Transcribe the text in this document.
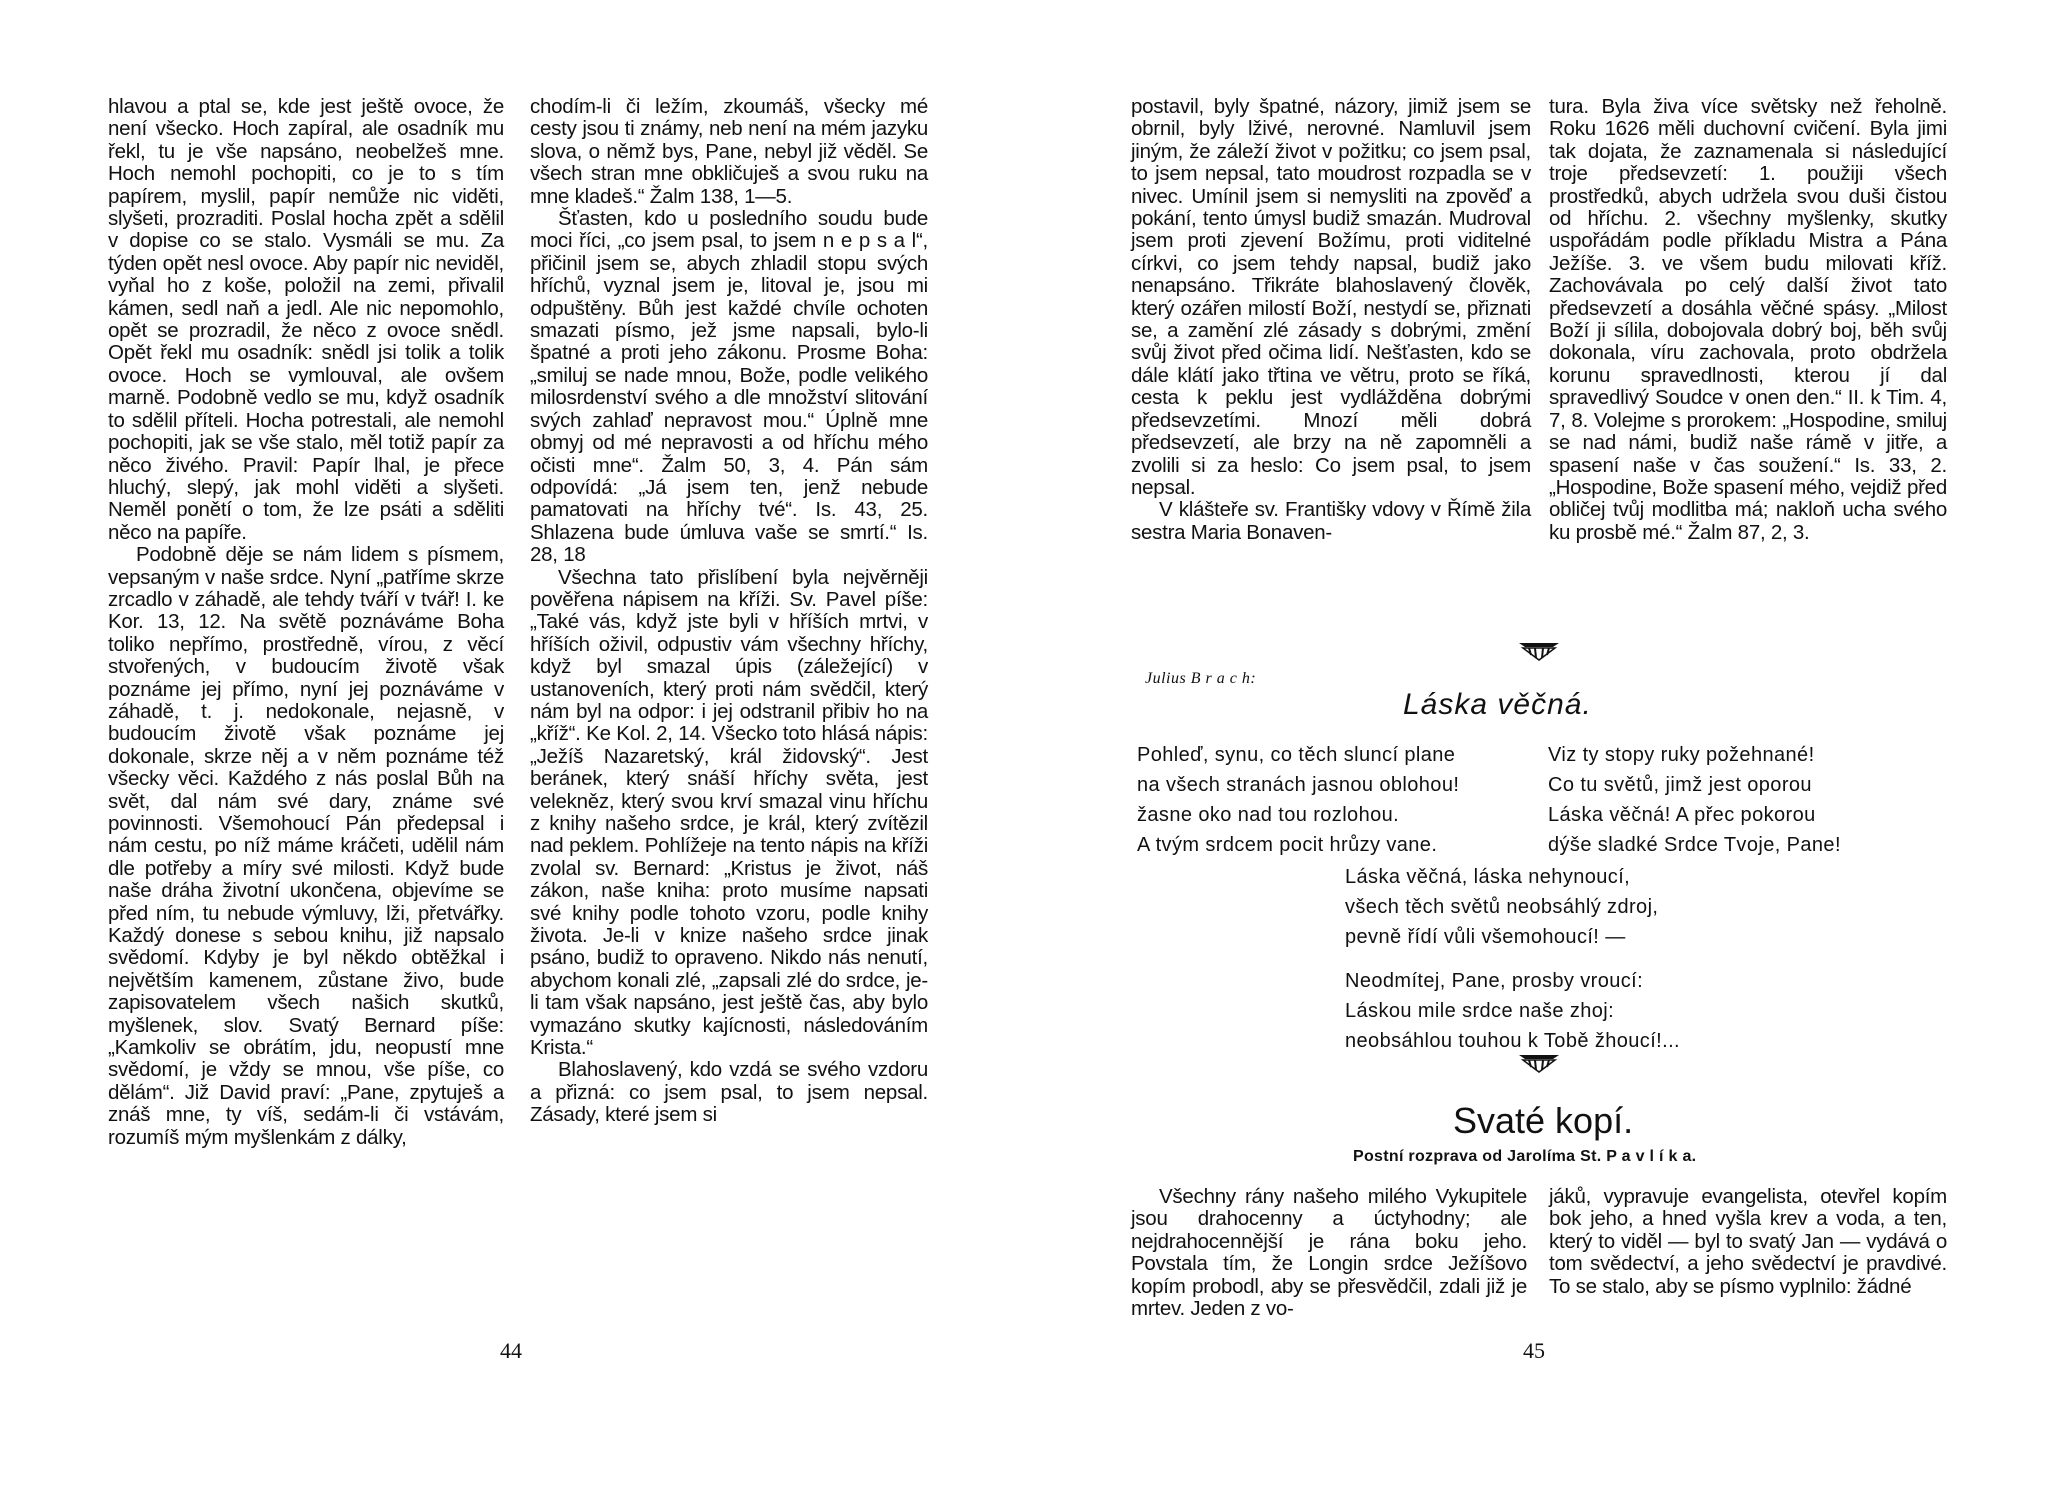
hlavou a ptal se, kde jest ještě ovoce, že není všecko. Hoch zapíral, ale osadník mu řekl, tu je vše napsáno, neobelžeš mne. Hoch nemohl pochopiti, co je to s tím papírem, myslil, papír nemůže nic viděti, slyšeti, prozraditi. Poslal hocha zpět a sdělil v dopise co se stalo. Vysmáli se mu. Za týden opět nesl ovoce. Aby papír nic neviděl, vyňal ho z koše, položil na zemi, přivalil kámen, sedl naň a jedl. Ale nic nepomohlo, opět se prozradil, že něco z ovoce snědl. Opět řekl mu osadník: snědl jsi tolik a tolik ovoce. Hoch se vymlouval, ale ovšem marně. Podobně vedlo se mu, když osadník to sdělil příteli. Hocha potrestali, ale nemohl pochopiti, jak se vše stalo, měl totiž papír za něco živého. Pravil: Papír lhal, je přece hluchý, slepý, jak mohl viděti a slyšeti. Neměl ponětí o tom, že lze psáti a sděliti něco na papíře.

Podobně děje se nám lidem s písmem, vepsaným v naše srdce. Nyní „patříme skrze zrcadlo v záhadě, ale tehdy tváří v tvář! I. ke Kor. 13, 12. Na světě poznáváme Boha toliko nepřímo, prostředně, vírou, z věcí stvořených, v budoucím životě však poznáme jej přímo, nyní jej poznáváme v záhadě, t. j. nedokonale, nejasně, v budoucím životě však poznáme jej dokonale, skrze něj a v něm poznáme též všecky věci. Každého z nás poslal Bůh na svět, dal nám své dary, známe své povinnosti. Všemohoucí Pán předepsal i nám cestu, po níž máme kráčeti, udělil nám dle potřeby a míry své milosti. Když bude naše dráha životní ukončena, objevíme se před ním, tu nebude výmluvy, lži, přetvářky. Každý donese s sebou knihu, již napsalo svědomí. Kdyby je byl někdo obtěžkal i největším kamenem, zůstane živo, bude zapisovatelem všech našich skutků, myšlenek, slov. Svatý Bernard píše: „Kamkoliv se obrátím, jdu, neopustí mne svědomí, je vždy se mnou, vše píše, co dělám“. Již David praví: „Pane, zpytuješ a znáš mne, ty víš, sedám-li či vstávám, rozumíš mým myšlenkám z dálky,

chodím-li či ležím, zkoumáš, všecky mé cesty jsou ti známy, neb není na mém jazyku slova, o němž bys, Pane, nebyl již věděl. Se všech stran mne obkličuješ a svou ruku na mne kladeš.“ Žalm 138, 1—5.

Šťasten, kdo u posledního soudu bude moci říci, „co jsem psal, to jsem n e p s a l“, přičinil jsem se, abych zhladil stopu svých hříchů, vyznal jsem je, litoval je, jsou mi odpuštěny. Bůh jest každé chvíle ochoten smazati písmo, jež jsme napsali, bylo-li špatné a proti jeho zákonu. Prosme Boha: „smiluj se nade mnou, Bože, podle velikého milosrdenství svého a dle množství slitování svých zahlaď nepravost mou.“ Úplně mne obmyj od mé nepravosti a od hříchu mého očisti mne“. Žalm 50, 3, 4. Pán sám odpovídá: „Já jsem ten, jenž nebude pamatovati na hříchy tvé“. Is. 43, 25. Shlazena bude úmluva vaše se smrtí.“ Is. 28, 18

Všechna tato přislíbení byla nejvěrněji pověřena nápisem na kříži. Sv. Pavel píše: „Také vás, když jste byli v hříších mrtvi, v hříších oživil, odpustiv vám všechny hříchy, když byl smazal úpis (záležející) v ustanoveních, který proti nám svědčil, který nám byl na odpor: i jej odstranil přibiv ho na „kříž“. Ke Kol. 2, 14. Všecko toto hlásá nápis: „Ježíš Nazaretský, král židovský“. Jest beránek, který snáší hříchy světa, jest velekněz, který svou krví smazal vinu hříchu z knihy našeho srdce, je král, který zvítězil nad peklem. Pohlížeje na tento nápis na kříži zvolal sv. Bernard: „Kristus je život, náš zákon, naše kniha: proto musíme napsati své knihy podle tohoto vzoru, podle knihy života. Je-li v knize našeho srdce jinak psáno, budiž to opraveno. Nikdo nás nenutí, abychom konali zlé, „zapsali zlé do srdce, je-li tam však napsáno, jest ještě čas, aby bylo vymazáno skutky kajícnosti, následováním Krista.“

Blahoslavený, kdo vzdá se svého vzdoru a přizná: co jsem psal, to jsem nepsal. Zásady, které jsem si

44

postavil, byly špatné, názory, jimiž jsem se obrnil, byly lživé, nerovné. Namluvil jsem jiným, že záleží život v požitku; co jsem psal, to jsem nepsal, tato moudrost rozpadla se v nivec. Umínil jsem si nemysliti na zpověď a pokání, tento úmysl budiž smazán. Mudroval jsem proti zjevení Božímu, proti viditelné církvi, co jsem tehdy napsal, budiž jako nenapsáno. Třikráte blahoslavený člověk, který ozářen milostí Boží, nestydí se, přiznati se, a zamění zlé zásady s dobrými, změní svůj život před očima lidí. Nešťasten, kdo se dále klátí jako třtina ve větru, proto se říká, cesta k peklu jest vydlážděna dobrými předsevzetími. Mnozí měli dobrá předsevzetí, ale brzy na ně zapomněli a zvolili si za heslo: Co jsem psal, to jsem nepsal.

V klášteře sv. Františky vdovy v Římě žila sestra Maria Bonaven-

tura. Byla živa více světsky než řeholně. Roku 1626 měli duchovní cvičení. Byla jimi tak dojata, že zaznamenala si následující troje předsevzetí: 1. použiji všech prostředků, abych udržela svou duši čistou od hříchu. 2. všechny myšlenky, skutky uspořádám podle příkladu Mistra a Pána Ježíše. 3. ve všem budu milovati kříž. Zachovávala po celý další život tato předsevzetí a dosáhla věčné spásy. „Milost Boží ji sílila, dobojovala dobrý boj, běh svůj dokonala, víru zachovala, proto obdržela korunu spravedlnosti, kterou jí dal spravedlivý Soudce v onen den.“ II. k Tim. 4, 7, 8. Volejme s prorokem: „Hospodine, smiluj se nad námi, budiž naše rámě v jitře, a spasení naše v čas soužení.“ Is. 33, 2. „Hospodine, Bože spasení mého, vejdiž před obličej tvůj modlitba má; nakloň ucha svého ku prosbě mé.“ Žalm 87, 2, 3.

Julius B r a c h:
Láska věčná.
Pohleď, synu, co těch sluncí plane
na všech stranách jasnou oblohou!
žasne oko nad tou rozlohou.
A tvým srdcem pocit hrůzy vane.
Viz ty stopy ruky požehnané!
Co tu světů, jimž jest oporou
Láska věčná! A přec pokorou
dýše sladké Srdce Tvoje, Pane!
Láska věčná, láska nehynoucí,
všech těch světů neobsáhlý zdroj,
pevně řídí vůli všemohoucí! —
Neodmítej, Pane, prosby vroucí:
Láskou mile srdce naše zhoj:
neobsáhlou touhou k Tobě žhoucí!...
Svaté kopí.
Postní rozprava od Jarolíma St. P a v l í k a.

Všechny rány našeho milého Vykupitele jsou drahocenny a úctyhodny; ale nejdrahocennější je rána boku jeho. Povstala tím, že Longin srdce Ježíšovo kopím probodl, aby se přesvědčil, zdali již je mrtev. Jeden z vo-

jáků, vypravuje evangelista, otevřel kopím bok jeho, a hned vyšla krev a voda, a ten, který to viděl — byl to svatý Jan — vydává o tom svědectví, a jeho svědectví je pravdivé. To se stalo, aby se písmo vyplnilo: žádné

45
